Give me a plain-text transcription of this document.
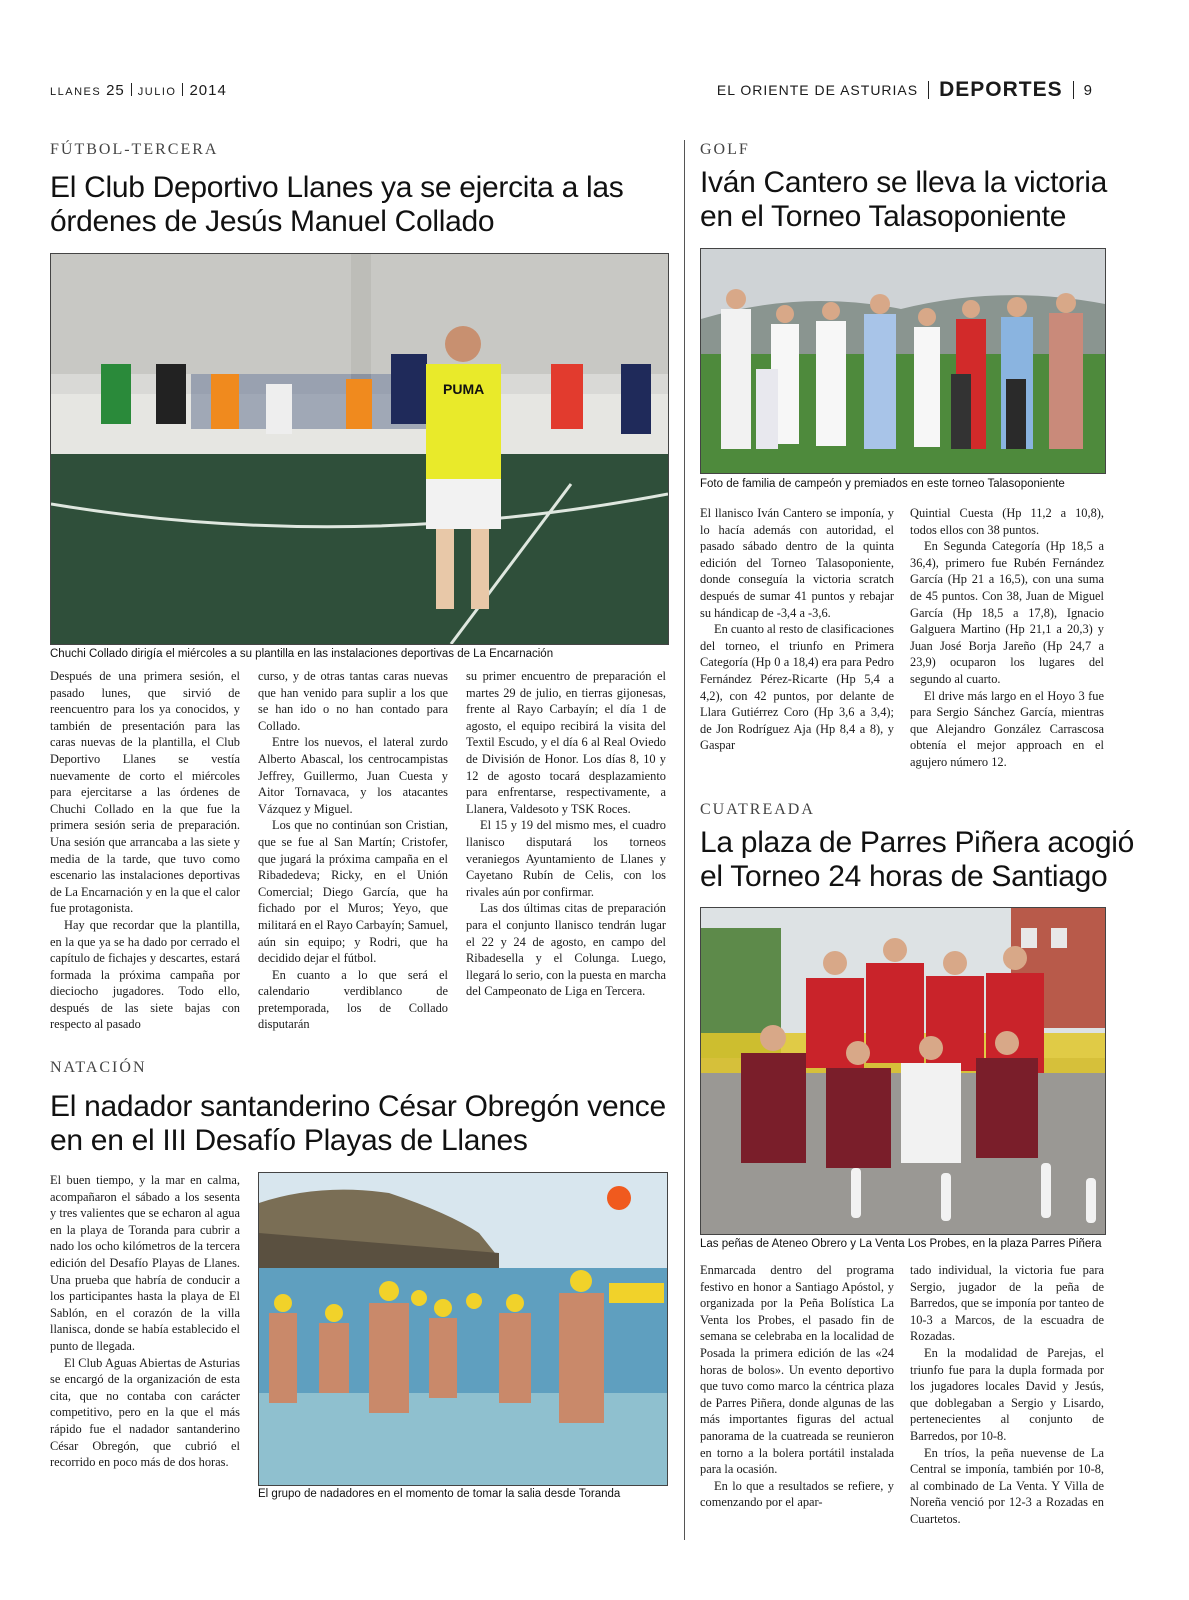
LLANES 25 JULIO 2014	EL ORIENTE DE ASTURIAS DEPORTES 9
FÚTBOL-TERCERA
El Club Deportivo Llanes ya se ejercita a las órdenes de Jesús Manuel Collado
PUMA
Chuchi Collado dirigía el miércoles a su plantilla en las instalaciones deportivas de La Encarnación

Después de una primera sesión, el pasado lunes, que sirvió de reencuentro para los ya conocidos, y también de presentación para las caras nuevas de la plantilla, el Club Deportivo Llanes se vestía nuevamente de corto el miércoles para ejercitarse a las órdenes de Chuchi Collado en la que fue la primera sesión seria de preparación. Una sesión que arrancaba a las siete y media de la tarde, que tuvo como escenario las instalaciones deportivas de La Encarnación y en la que el calor fue protagonista.

Hay que recordar que la plantilla, en la que ya se ha dado por cerrado el capítulo de fichajes y descartes, estará formada la próxima campaña por dieciocho jugadores. Todo ello, después de las siete bajas con respecto al pasado

curso, y de otras tantas caras nuevas que han venido para suplir a los que se han ido o no han contado para Collado.

Entre los nuevos, el lateral zurdo Alberto Abascal, los centrocampistas Jeffrey, Guillermo, Juan Cuesta y Aitor Tornavaca, y los atacantes Vázquez y Miguel.

Los que no continúan son Cristian, que se fue al San Martín; Cristofer, que jugará la próxima campaña en el Ribadedeva; Ricky, en el Unión Comercial; Diego García, que ha fichado por el Muros; Yeyo, que militará en el Rayo Carbayín; Samuel, aún sin equipo; y Rodri, que ha decidido dejar el fútbol.

En cuanto a lo que será el calendario verdiblanco de pretemporada, los de Collado disputarán

su primer encuentro de preparación el martes 29 de julio, en tierras gijonesas, frente al Rayo Carbayín; el día 1 de agosto, el equipo recibirá la visita del Textil Escudo, y el día 6 al Real Oviedo de División de Honor. Los días 8, 10 y 12 de agosto tocará desplazamiento para enfrentarse, respectivamente, a Llanera, Valdesoto y TSK Roces.

El 15 y 19 del mismo mes, el cuadro llanisco disputará los torneos veraniegos Ayuntamiento de Llanes y Cayetano Rubín de Celis, con los rivales aún por confirmar.

Las dos últimas citas de preparación para el conjunto llanisco tendrán lugar el 22 y 24 de agosto, en campo del Ribadesella y el Colunga. Luego, llegará lo serio, con la puesta en marcha del Campeonato de Liga en Tercera.

NATACIÓN
El nadador santanderino César Obregón vence en en el III Desafío Playas de Llanes

El buen tiempo, y la mar en calma, acompañaron el sábado a los sesenta y tres valientes que se echaron al agua en la playa de Toranda para cubrir a nado los ocho kilómetros de la tercera edición del Desafío Playas de Llanes. Una prueba que habría de conducir a los participantes hasta la playa de El Sablón, en el corazón de la villa llanisca, donde se había establecido el punto de llegada.

El Club Aguas Abiertas de Asturias se encargó de la organización de esta cita, que no contaba con carácter competitivo, pero en la que el más rápido fue el nadador santanderino César Obregón, que cubrió el recorrido en poco más de dos horas.

El grupo de nadadores en el momento de tomar la salia desde Toranda
GOLF
Iván Cantero se lleva la victoria en el Torneo Talasoponiente
Foto de familia de campeón y premiados en este torneo Talasoponiente

El llanisco Iván Cantero se imponía, y lo hacía además con autoridad, el pasado sábado dentro de la quinta edición del Torneo Talasoponiente, donde conseguía la victoria scratch después de sumar 41 puntos y rebajar su hándicap de -3,4 a -3,6.

En cuanto al resto de clasificaciones del torneo, el triunfo en Primera Categoría (Hp 0 a 18,4) era para Pedro Fernández Pérez-Ricarte (Hp 5,4 a 4,2), con 42 puntos, por delante de Llara Gutiérrez Coro (Hp 3,6 a 3,4); de Jon Rodríguez Aja (Hp 8,4 a 8), y Gaspar

Quintial Cuesta (Hp 11,2 a 10,8), todos ellos con 38 puntos.

En Segunda Categoría (Hp 18,5 a 36,4), primero fue Rubén Fernández García (Hp 21 a 16,5), con una suma de 45 puntos. Con 38, Juan de Miguel García (Hp 18,5 a 17,8), Ignacio Galguera Martino (Hp 21,1 a 20,3) y Juan José Borja Jareño (Hp 24,7 a 23,9) ocuparon los lugares del segundo al cuarto.

El drive más largo en el Hoyo 3 fue para Sergio Sánchez García, mientras que Alejandro González Carrascosa obtenía el mejor approach en el agujero número 12.

CUATREADA
La plaza de Parres Piñera acogió el Torneo 24 horas de Santiago
Las peñas de Ateneo Obrero y La Venta Los Probes, en la plaza Parres Piñera

Enmarcada dentro del programa festivo en honor a Santiago Apóstol, y organizada por la Peña Bolística La Venta los Probes, el pasado fin de semana se celebraba en la localidad de Posada la primera edición de las «24 horas de bolos». Un evento deportivo que tuvo como marco la céntrica plaza de Parres Piñera, donde algunas de las más importantes figuras del actual panorama de la cuatreada se reunieron en torno a la bolera portátil instalada para la ocasión.

En lo que a resultados se refiere, y comenzando por el apar-

tado individual, la victoria fue para Sergio, jugador de la peña de Barredos, que se imponía por tanteo de 10-3 a Marcos, de la escuadra de Rozadas.

En la modalidad de Parejas, el triunfo fue para la dupla formada por los jugadores locales David y Jesús, que doblegaban a Sergio y Lisardo, pertenecientes al conjunto de Barredos, por 10-8.

En tríos, la peña nuevense de La Central se imponía, también por 10-8, al combinado de La Venta. Y Villa de Noreña venció por 12-3 a Rozadas en Cuartetos.
